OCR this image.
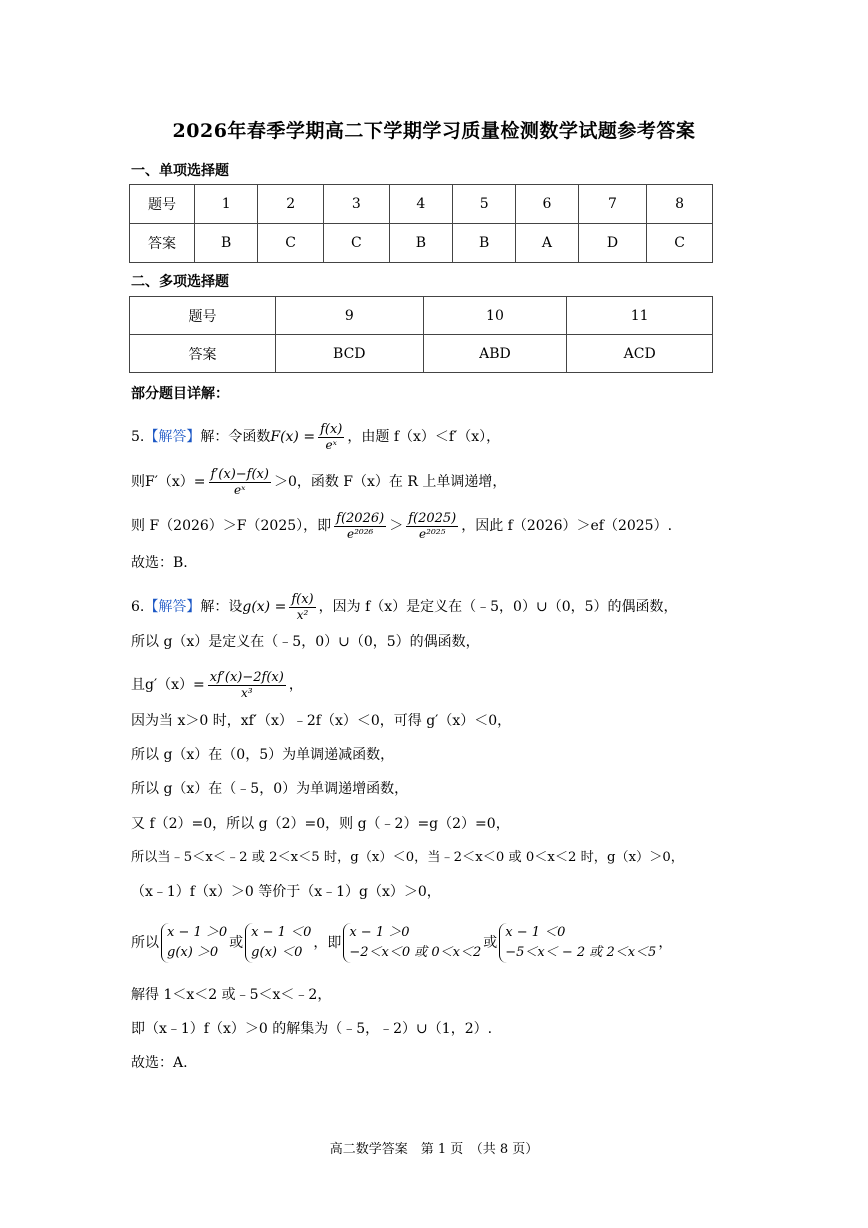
2026年春季学期高二下学期学习质量检测数学试题参考答案
一、单项选择题
题号	1	2	3	4	5	6	7	8
答案	B	C	C	B	B	A	D	C
二、多项选择题
题号	9	10	11
答案	BCD	ABD	ACD
部分题目详解：
5.【解答】解：令函数$F(x) = \frac{f(x)}{\text{eˣ}}$ ，由题 f（x）＜f′（x），
则$F'(x)= \frac{f'(x)-f(x)}{\text{eˣ}} >0$，函数 F（x）在 R 上单调递增，
则 F（2026）＞F（2025），即 $\frac{f(2026)}{\text{e²⁰²⁶}} > \frac{f(2025)}{\text{e²⁰²⁵}}$ ，因此 f（2026）＞ef（2025）.
故选：B.
6.【解答】解：设$g(x) = \frac{f(x)}{\text{x²}}$ ，因为 f（x）是定义在（﹣5，0）∪（0，5）的偶函数，
所以 g（x）是定义在（﹣5，0）∪（0，5）的偶函数，
且$g'(x)= \frac{xf'(x)-2f(x)}{\text{x³}}$ ，
因为当 x＞0 时，xf′（x）﹣2f（x）＜0，可得 g′（x）＜0，
所以 g（x）在（0，5）为单调递减函数，
所以 g（x）在（﹣5，0）为单调递增函数，
又 f（2）=0，所以 g（2）=0，则 g（﹣2）=g（2）=0，
所以当﹣5＜x＜﹣2 或 2＜x＜5 时，g（x）＜0，当﹣2＜x＜0 或 0＜x＜2 时，g（x）＞0，
（x﹣1）f（x）＞0 等价于（x﹣1）g（x）＞0，
所以
x − 1 ＞0
g(x) ＞0
或
x − 1 ＜0
g(x) ＜0
，即
x − 1 ＞0
−2＜x＜0 或 0＜x＜2
或
x − 1 ＜0
−5＜x＜ − 2 或 2＜x＜5
，
解得 1＜x＜2 或﹣5＜x＜﹣2，
即（x﹣1）f（x）＞0 的解集为（﹣5，﹣2）∪（1，2）.
故选：A.
高二数学答案　第 1 页　（共 8 页）
